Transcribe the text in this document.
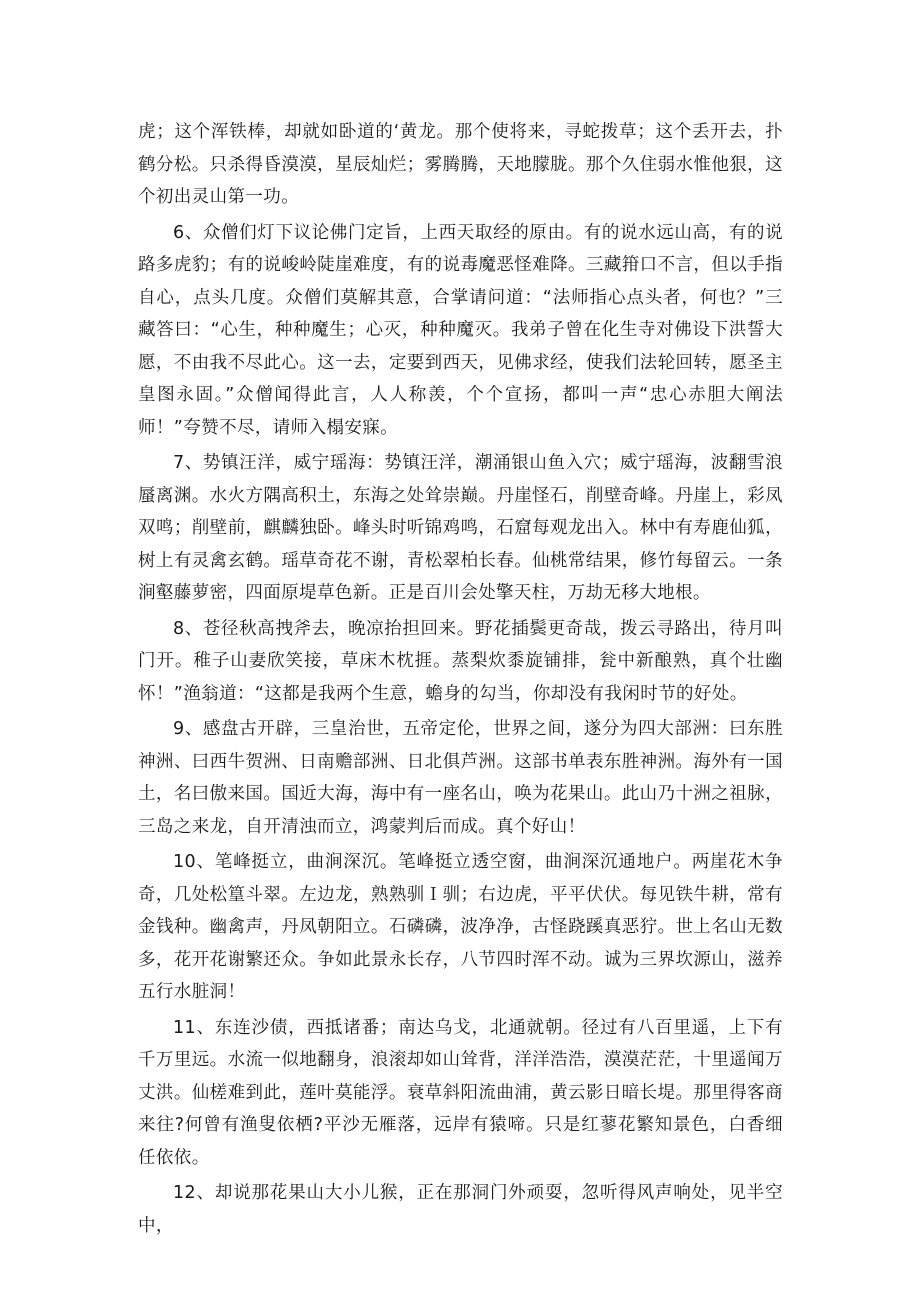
虎；这个浑铁棒，却就如卧道的‘黄龙。那个使将来，寻蛇拨草；这个丢开去，扑鹤分松。只杀得昏漠漠，星辰灿烂；雾腾腾，天地朦胧。那个久住弱水惟他狠，这个初出灵山第一功。

6、众僧们灯下议论佛门定旨，上西天取经的原由。有的说水远山高，有的说路多虎豹；有的说峻岭陡崖难度，有的说毒魔恶怪难降。三藏箝口不言，但以手指自心，点头几度。众僧们莫解其意，合掌请问道：“法师指心点头者，何也？”三藏答曰：“心生，种种魔生；心灭，种种魔灭。我弟子曾在化生寺对佛设下洪誓大愿，不由我不尽此心。这一去，定要到西天，见佛求经，使我们法轮回转，愿圣主皇图永固。”众僧闻得此言，人人称羡，个个宣扬，都叫一声“忠心赤胆大阐法师！”夸赞不尽，请师入榻安寐。

7、势镇汪洋，威宁瑶海：势镇汪洋，潮涌银山鱼入穴；威宁瑶海，波翻雪浪蜃离渊。水火方隅高积土，东海之处耸崇巅。丹崖怪石，削壁奇峰。丹崖上，彩凤双鸣；削壁前，麒麟独卧。峰头时听锦鸡鸣，石窟每观龙出入。林中有寿鹿仙狐，树上有灵禽玄鹤。瑶草奇花不谢，青松翠柏长春。仙桃常结果，修竹每留云。一条涧壑藤萝密，四面原堤草色新。正是百川会处擎天柱，万劫无移大地根。

8、苍径秋高拽斧去，晚凉抬担回来。野花插鬓更奇哉，拨云寻路出，待月叫门开。稚子山妻欣笑接，草床木枕捱。蒸梨炊黍旋铺排，瓮中新酿熟，真个壮幽怀！”渔翁道：“这都是我两个生意，蟾身的勾当，你却没有我闲时节的好处。

9、感盘古开辟，三皇治世，五帝定伦，世界之间，遂分为四大部洲：曰东胜神洲、曰西牛贺洲、日南赡部洲、日北俱芦洲。这部书单表东胜神洲。海外有一国土，名曰傲来国。国近大海，海中有一座名山，唤为花果山。此山乃十洲之祖脉，三岛之来龙，自开清浊而立，鸿蒙判后而成。真个好山！

10、笔峰挺立，曲涧深沉。笔峰挺立透空窗，曲涧深沉通地户。两崖花木争奇，几处松篁斗翠。左边龙，熟熟驯Ｉ驯；右边虎，平平伏伏。每见铁牛耕，常有金钱种。幽禽声，丹凤朝阳立。石磷磷，波净净，古怪跷蹊真恶狞。世上名山无数多，花开花谢繁还众。争如此景永长存，八节四时浑不动。诚为三界坎源山，滋养五行水脏洞！

11、东连沙债，西抵诸番；南达乌戈，北通就朝。径过有八百里遥，上下有千万里远。水流一似地翻身，浪滚却如山耸背，洋洋浩浩，漠漠茫茫，十里遥闻万丈洪。仙槎难到此，莲叶莫能浮。衰草斜阳流曲浦，黄云影日暗长堤。那里得客商来往?何曾有渔叟依栖?平沙无雁落，远岸有猿啼。只是红蓼花繁知景色，白香细任依依。

12、却说那花果山大小儿猴，正在那洞门外顽耍，忽听得风声响处，见半空中，
